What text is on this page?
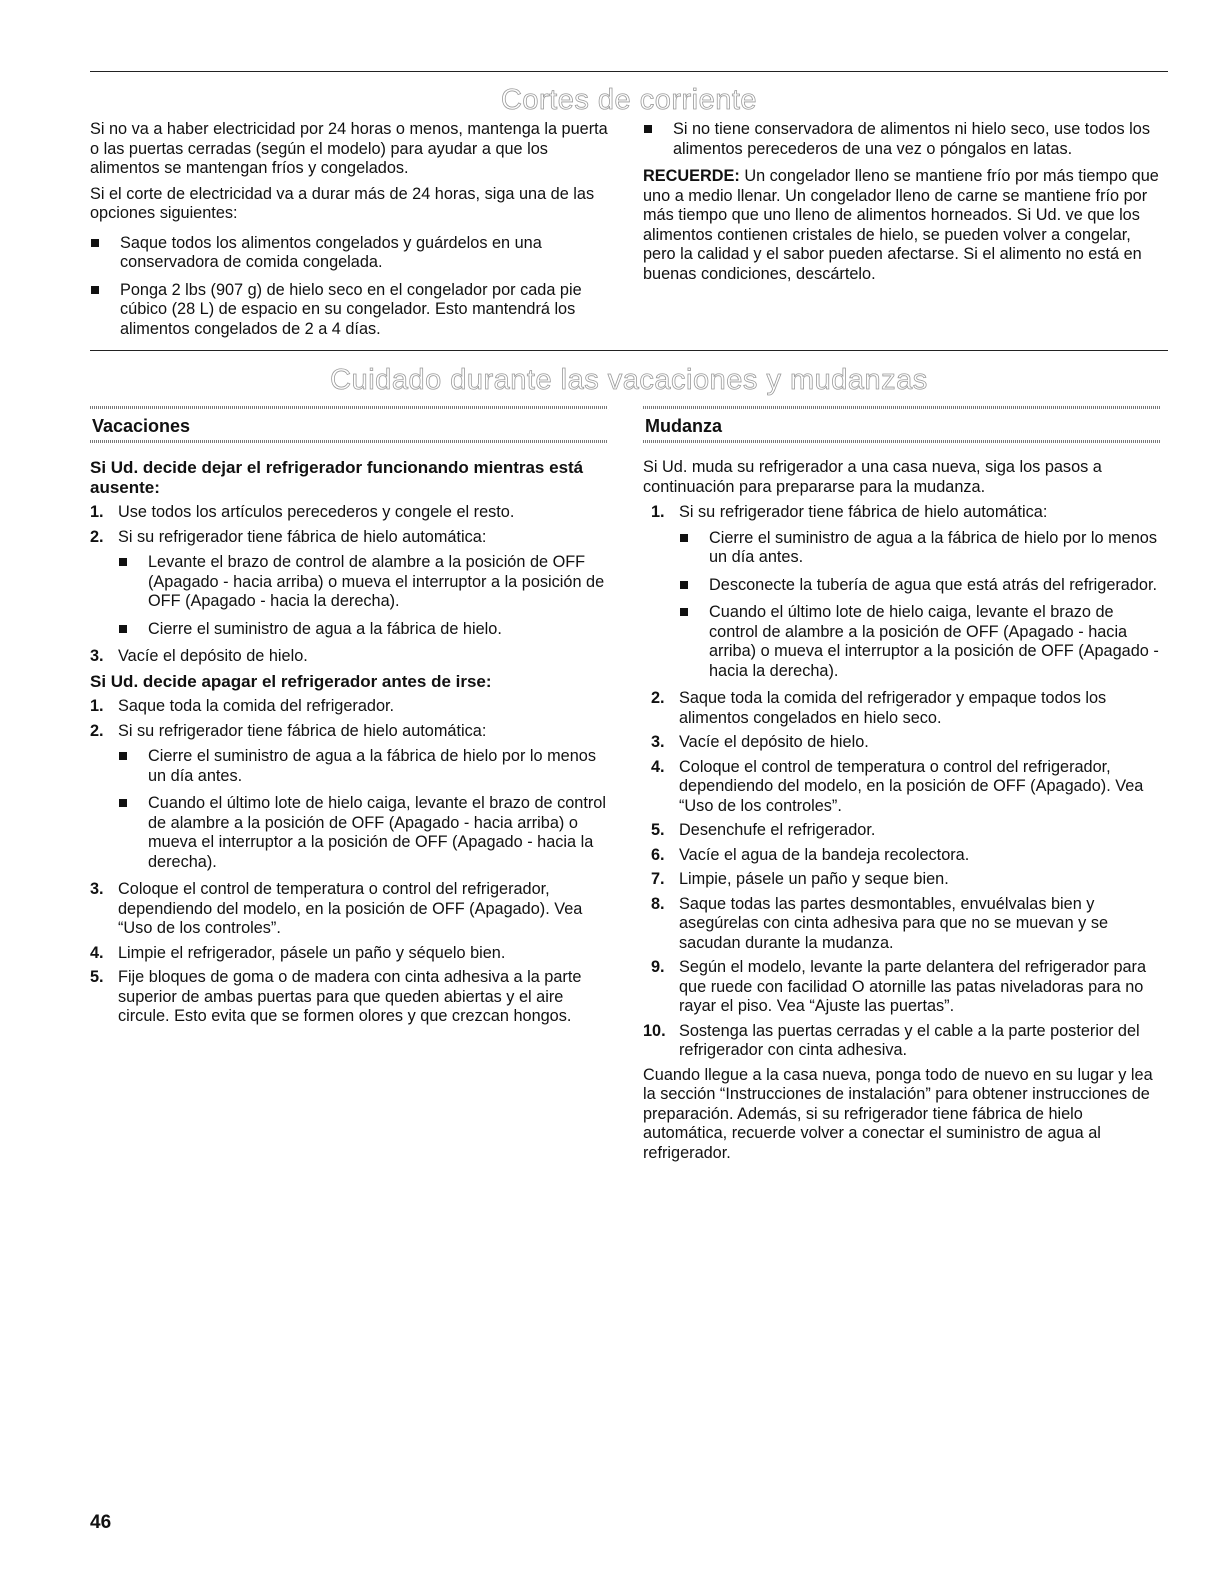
Cortes de corriente

Si no va a haber electricidad por 24 horas o menos, mantenga la puerta o las puertas cerradas (según el modelo) para ayudar a que los alimentos se mantengan fríos y congelados.

Si el corte de electricidad va a durar más de 24 horas, siga una de las opciones siguientes:

Saque todos los alimentos congelados y guárdelos en una conservadora de comida congelada.
Ponga 2 lbs (907 g) de hielo seco en el congelador por cada pie cúbico (28 L) de espacio en su congelador. Esto mantendrá los alimentos congelados de 2 a 4 días.
Si no tiene conservadora de alimentos ni hielo seco, use todos los alimentos perecederos de una vez o póngalos en latas.

RECUERDE: Un congelador lleno se mantiene frío por más tiempo que uno a medio llenar. Un congelador lleno de carne se mantiene frío por más tiempo que uno lleno de alimentos horneados. Si Ud. ve que los alimentos contienen cristales de hielo, se pueden volver a congelar, pero la calidad y el sabor pueden afectarse. Si el alimento no está en buenas condiciones, descártelo.

Cuidado durante las vacaciones y mudanzas
Vacaciones	Mudanza

Si Ud. decide dejar el refrigerador funcionando mientras está ausente:

1. Use todos los artículos perecederos y congele el resto.
2. Si su refrigerador tiene fábrica de hielo automática:
Levante el brazo de control de alambre a la posición de OFF (Apagado - hacia arriba) o mueva el interruptor a la posición de OFF (Apagado - hacia la derecha).
Cierre el suministro de agua a la fábrica de hielo.
3. Vacíe el depósito de hielo.

Si Ud. decide apagar el refrigerador antes de irse:

1. Saque toda la comida del refrigerador.
2. Si su refrigerador tiene fábrica de hielo automática:
Cierre el suministro de agua a la fábrica de hielo por lo menos un día antes.
Cuando el último lote de hielo caiga, levante el brazo de control de alambre a la posición de OFF (Apagado - hacia arriba) o mueva el interruptor a la posición de OFF (Apagado - hacia la derecha).
3. Coloque el control de temperatura o control del refrigerador, dependiendo del modelo, en la posición de OFF (Apagado). Vea “Uso de los controles”.
4. Limpie el refrigerador, pásele un paño y séquelo bien.
5. Fije bloques de goma o de madera con cinta adhesiva a la parte superior de ambas puertas para que queden abiertas y el aire circule. Esto evita que se formen olores y que crezcan hongos.

Si Ud. muda su refrigerador a una casa nueva, siga los pasos a continuación para prepararse para la mudanza.

1. Si su refrigerador tiene fábrica de hielo automática:
Cierre el suministro de agua a la fábrica de hielo por lo menos un día antes.
Desconecte la tubería de agua que está atrás del refrigerador.
Cuando el último lote de hielo caiga, levante el brazo de control de alambre a la posición de OFF (Apagado - hacia arriba) o mueva el interruptor a la posición de OFF (Apagado - hacia la derecha).
2. Saque toda la comida del refrigerador y empaque todos los alimentos congelados en hielo seco.
3. Vacíe el depósito de hielo.
4. Coloque el control de temperatura o control del refrigerador, dependiendo del modelo, en la posición de OFF (Apagado). Vea “Uso de los controles”.
5. Desenchufe el refrigerador.
6. Vacíe el agua de la bandeja recolectora.
7. Limpie, pásele un paño y seque bien.
8. Saque todas las partes desmontables, envuélvalas bien y asegúrelas con cinta adhesiva para que no se muevan y se sacudan durante la mudanza.
9. Según el modelo, levante la parte delantera del refrigerador para que ruede con facilidad O atornille las patas niveladoras para no rayar el piso. Vea “Ajuste las puertas”.
10. Sostenga las puertas cerradas y el cable a la parte posterior del refrigerador con cinta adhesiva.

Cuando llegue a la casa nueva, ponga todo de nuevo en su lugar y lea la sección “Instrucciones de instalación” para obtener instrucciones de preparación. Además, si su refrigerador tiene fábrica de hielo automática, recuerde volver a conectar el suministro de agua al refrigerador.

46
